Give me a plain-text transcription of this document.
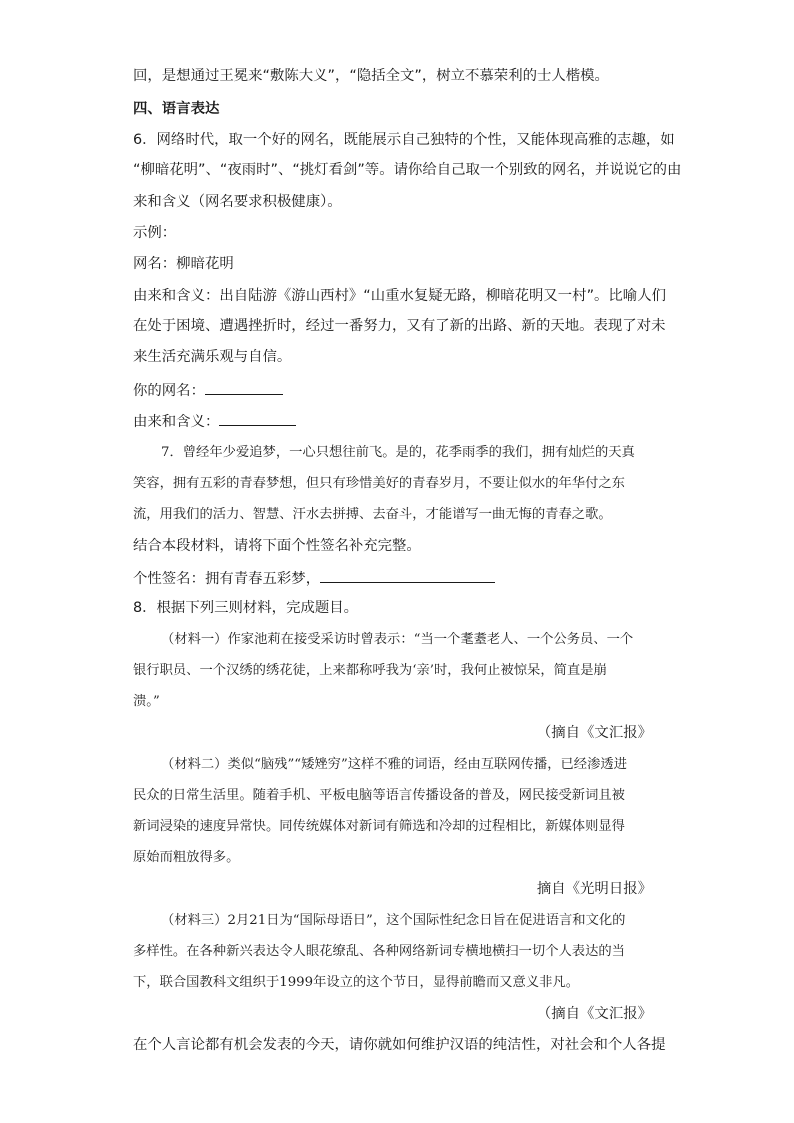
回，是想通过王冕来“敷陈大义”，“隐括全文”，树立不慕荣利的士人楷模。
四、语言表达
6．网络时代，取一个好的网名，既能展示自己独特的个性，又能体现高雅的志趣，如
“柳暗花明”、“夜雨时”、“挑灯看剑”等。请你给自己取一个别致的网名，并说说它的由
来和含义（网名要求积极健康）。
示例：
网名：柳暗花明
由来和含义：出自陆游《游山西村》“山重水复疑无路，柳暗花明又一村”。比喻人们
在处于困境、遭遇挫折时，经过一番努力，又有了新的出路、新的天地。表现了对未
来生活充满乐观与自信。
你的网名：
由来和含义：
7．曾经年少爱追梦，一心只想往前飞。是的，花季雨季的我们，拥有灿烂的天真
笑容，拥有五彩的青春梦想，但只有珍惜美好的青春岁月，不要让似水的年华付之东
流，用我们的活力、智慧、汗水去拼搏、去奋斗，才能谱写一曲无悔的青春之歌。
结合本段材料，请将下面个性签名补充完整。
个性签名：拥有青春五彩梦，
8．根据下列三则材料，完成题目。
（材料一）作家池莉在接受采访时曾表示：“当一个耄耋老人、一个公务员、一个
银行职员、一个汉绣的绣花徒，上来都称呼我为‘亲’时，我何止被惊呆，简直是崩
溃。”
（摘自《文汇报》
（材料二）类似“脑残”“矮矬穷”这样不雅的词语，经由互联网传播，已经渗透进
民众的日常生活里。随着手机、平板电脑等语言传播设备的普及，网民接受新词且被
新词浸染的速度异常快。同传统媒体对新词有筛选和冷却的过程相比，新媒体则显得
原始而粗放得多。
摘自《光明日报》
（材料三）2月21日为“国际母语日”，这个国际性纪念日旨在促进语言和文化的
多样性。在各种新兴表达令人眼花缭乱、各种网络新词专横地横扫一切个人表达的当
下，联合国教科文组织于1999年设立的这个节日，显得前瞻而又意义非凡。
（摘自《文汇报》
在个人言论都有机会发表的今天，请你就如何维护汉语的纯洁性，对社会和个人各提
